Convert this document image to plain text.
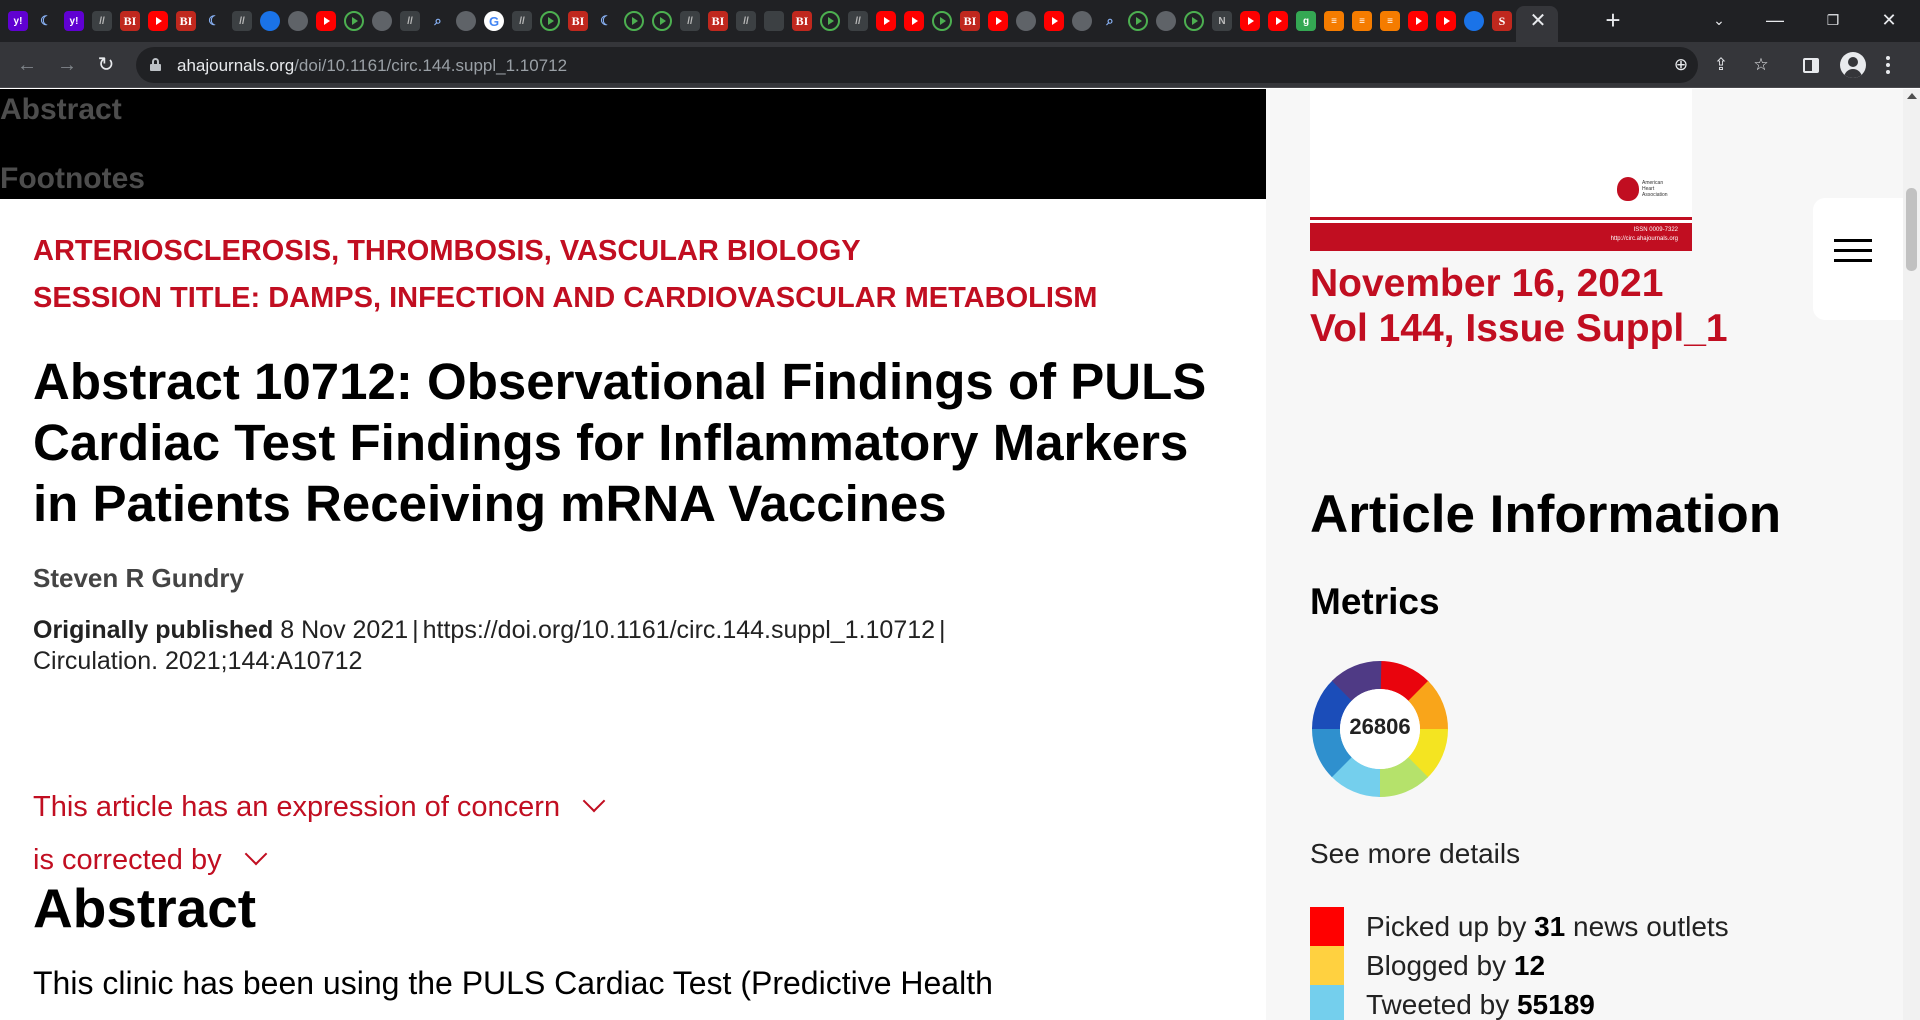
y!	☾	y!	//	BI	BI	☾	//	//	⌕	G	//	BI	☾	//	BI	//	BI	//	BI	⌕	N	g	≡	≡	≡	S	✕ +	⌄	—	❐	✕
← → ↻	ahajournals.org/doi/10.1161/circ.144.suppl_1.10712	⊕ ⇪ ☆
Abstract
Footnotes
ARTERIOSCLEROSIS, THROMBOSIS, VASCULAR BIOLOGY
SESSION TITLE: DAMPS, INFECTION AND CARDIOVASCULAR METABOLISM
Abstract 10712: Observational Findings of PULS Cardiac Test Findings for Inflammatory Markers in Patients Receiving mRNA Vaccines
Steven R Gundry
Originally published 8 Nov 2021 | https://doi.org/10.1161/circ.144.suppl_1.10712 |
Circulation. 2021;144:A10712
This article has an expression of concern
is corrected by
Abstract

This clinic has been using the PULS Cardiac Test (Predictive Health

American Heart Association
ISSN 0009-7322
http://circ.ahajournals.org
November 16, 2021
Vol 144, Issue Suppl_1
Article Information
Metrics
26806
See more details
Picked up by 31 news outlets
Blogged by 12
Tweeted by 55189
